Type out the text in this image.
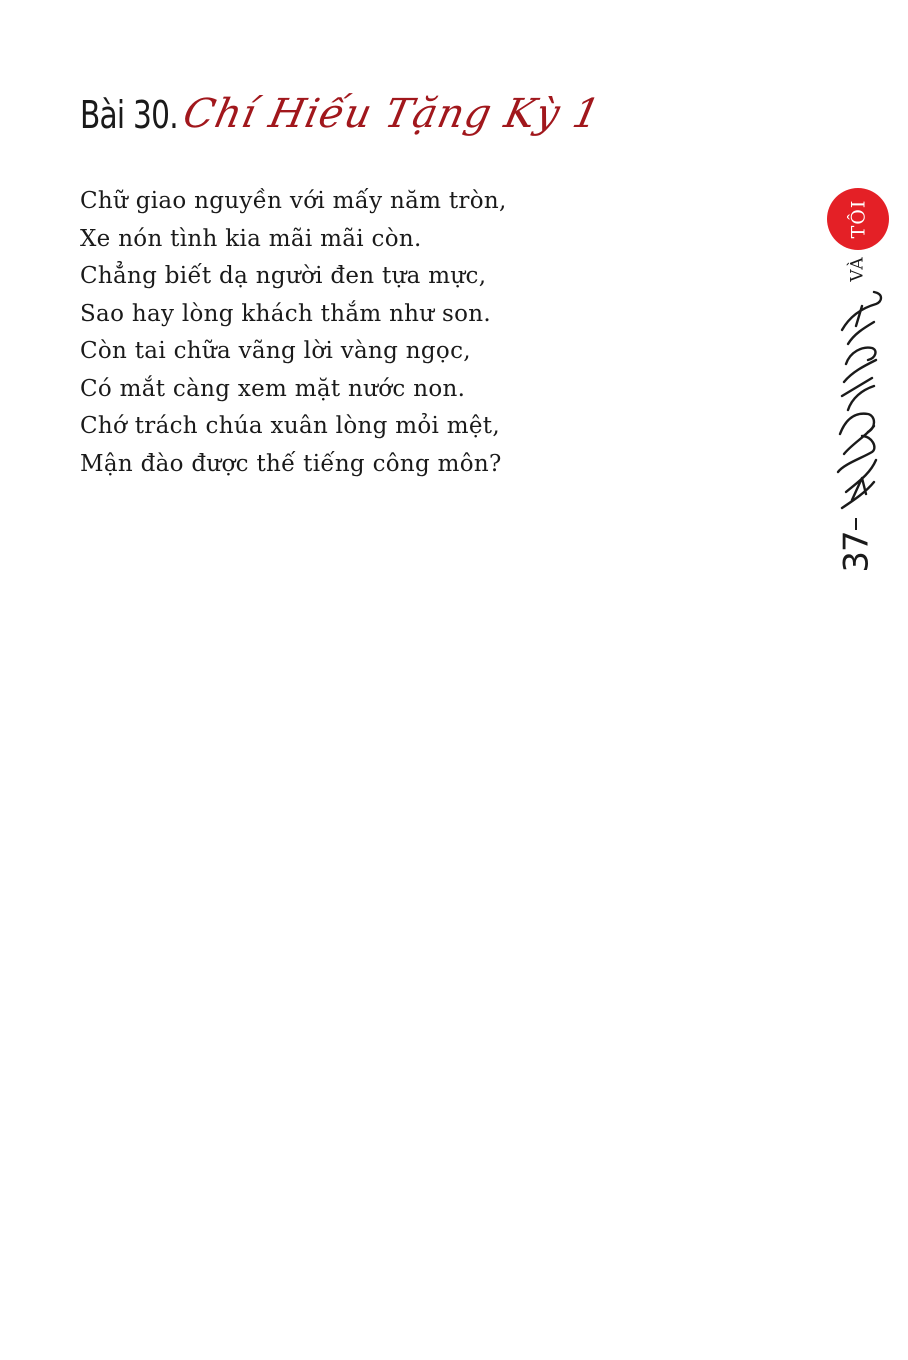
Bài 30. Chí Hiếu Tặng Kỳ 1
Chữ giao nguyền với mấy năm tròn,
Xe nón tình kia mãi mãi còn.
Chẳng biết dạ người đen tựa mực,
Sao hay lòng khách thắm như son.
Còn tai chữa vãng lời vàng ngọc,
Có mắt càng xem mặt nước non.
Chớ trách chúa xuân lòng mỏi mệt,
Mận đào được thế tiếng công môn?
TÔI
VÀ
37
